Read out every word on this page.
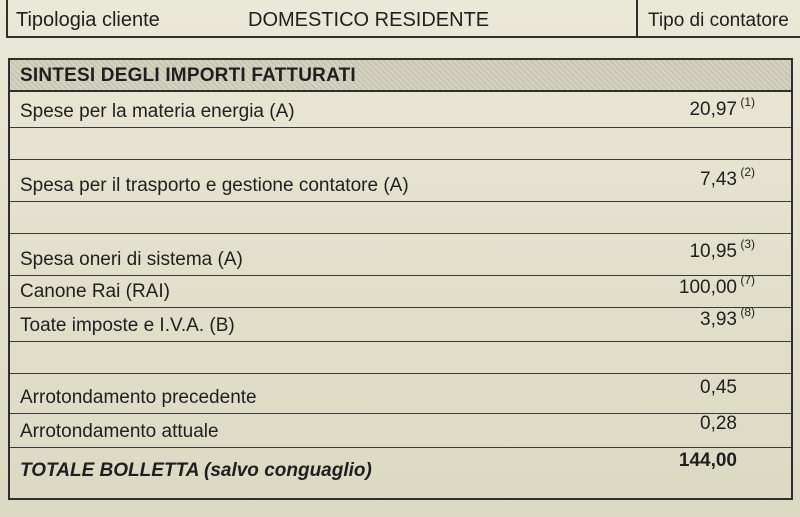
Tipologia cliente	DOMESTICO RESIDENTE	Tipo di contatore
SINTESI DEGLI IMPORTI FATTURATI
Spese per la materia energia (A)	20,97 (1)
Spesa per il trasporto e gestione contatore (A)	7,43 (2)
Spesa oneri di sistema (A)	10,95 (3)
Canone Rai (RAI)	100,00 (7)
Toate imposte e I.V.A. (B)	3,93 (8)
Arrotondamento precedente	0,45
Arrotondamento attuale	0,28
TOTALE BOLLETTA (salvo conguaglio)	144,00
